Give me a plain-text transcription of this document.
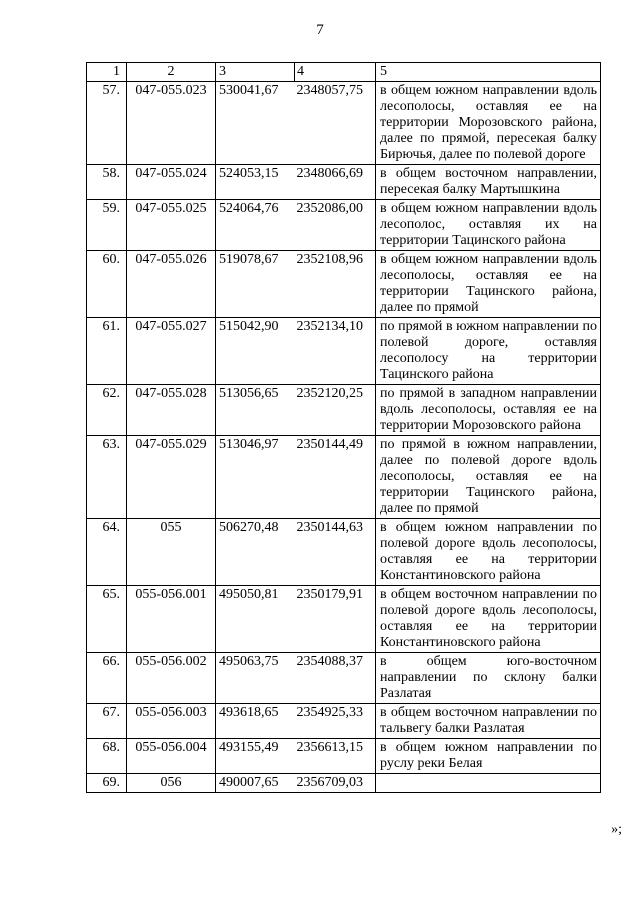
7
1	2	3	4	5
57.	047-055.023	530041,67	2348057,75	в общем южном направлении вдоль лесополосы, оставляя ее на территории Морозовского района, далее по прямой, пересекая балку Бирючья, далее по полевой дороге
58.	047-055.024	524053,15	2348066,69	в общем восточном направлении, пересекая балку Мартышкина
59.	047-055.025	524064,76	2352086,00	в общем южном направлении вдоль лесополос, оставляя их на территории Тацинского района
60.	047-055.026	519078,67	2352108,96	в общем южном направлении вдоль лесополосы, оставляя ее на территории Тацинского района, далее по прямой
61.	047-055.027	515042,90	2352134,10	по прямой в южном направлении по полевой дороге, оставляя лесополосу на территории Тацинского района
62.	047-055.028	513056,65	2352120,25	по прямой в западном направлении вдоль лесополосы, оставляя ее на территории Морозовского района
63.	047-055.029	513046,97	2350144,49	по прямой в южном направлении, далее по полевой дороге вдоль лесополосы, оставляя ее на территории Тацинского района, далее по прямой
64.	055	506270,48	2350144,63	в общем южном направлении по полевой дороге вдоль лесополосы, оставляя ее на территории Константиновского района
65.	055-056.001	495050,81	2350179,91	в общем восточном направлении по полевой дороге вдоль лесополосы, оставляя ее на территории Константиновского района
66.	055-056.002	495063,75	2354088,37	в общем юго-восточном направлении по склону балки Разлатая
67.	055-056.003	493618,65	2354925,33	в общем восточном направлении по тальвегу балки Разлатая
68.	055-056.004	493155,49	2356613,15	в общем южном направлении по руслу реки Белая
69.	056	490007,65	2356709,03	
»;
